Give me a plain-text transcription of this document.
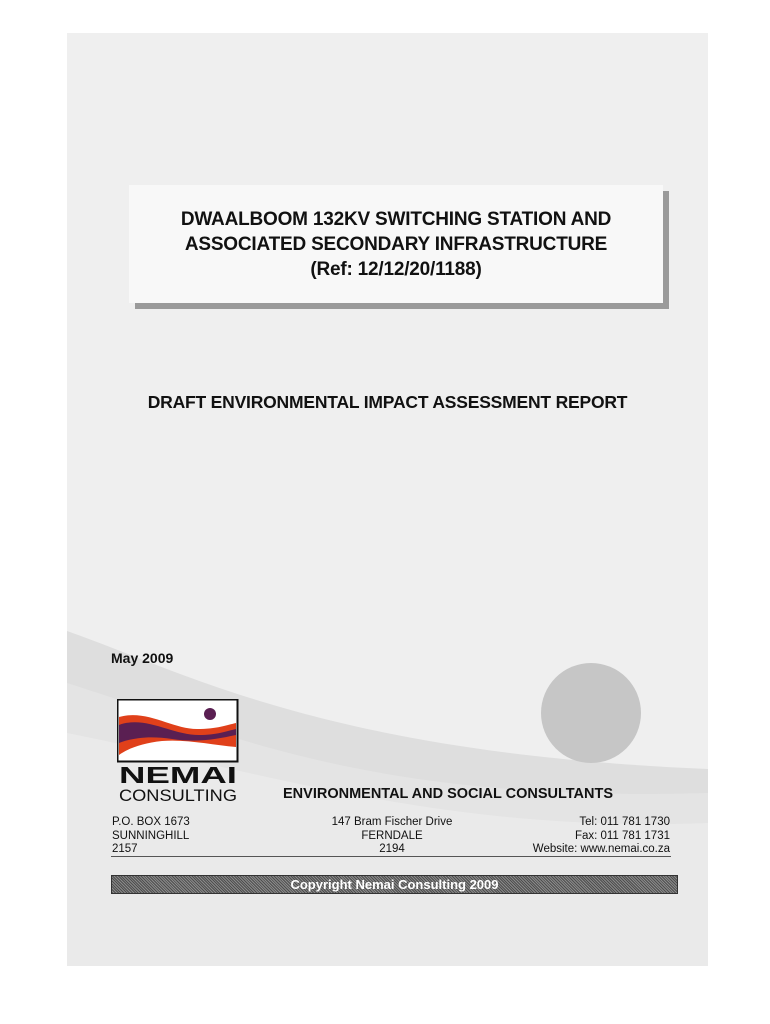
DWAALBOOM 132KV SWITCHING STATION AND
ASSOCIATED SECONDARY INFRASTRUCTURE
(Ref: 12/12/20/1188)
DRAFT ENVIRONMENTAL IMPACT ASSESSMENT REPORT
May 2009
NEMAI
CONSULTING	ENVIRONMENTAL AND SOCIAL CONSULTANTS
P.O. BOX 1673
SUNNINGHILL
2157
147 Bram Fischer Drive
FERNDALE
2194
Tel: 011 781 1730
Fax: 011 781 1731
Website: www.nemai.co.za
Copyright Nemai Consulting 2009
